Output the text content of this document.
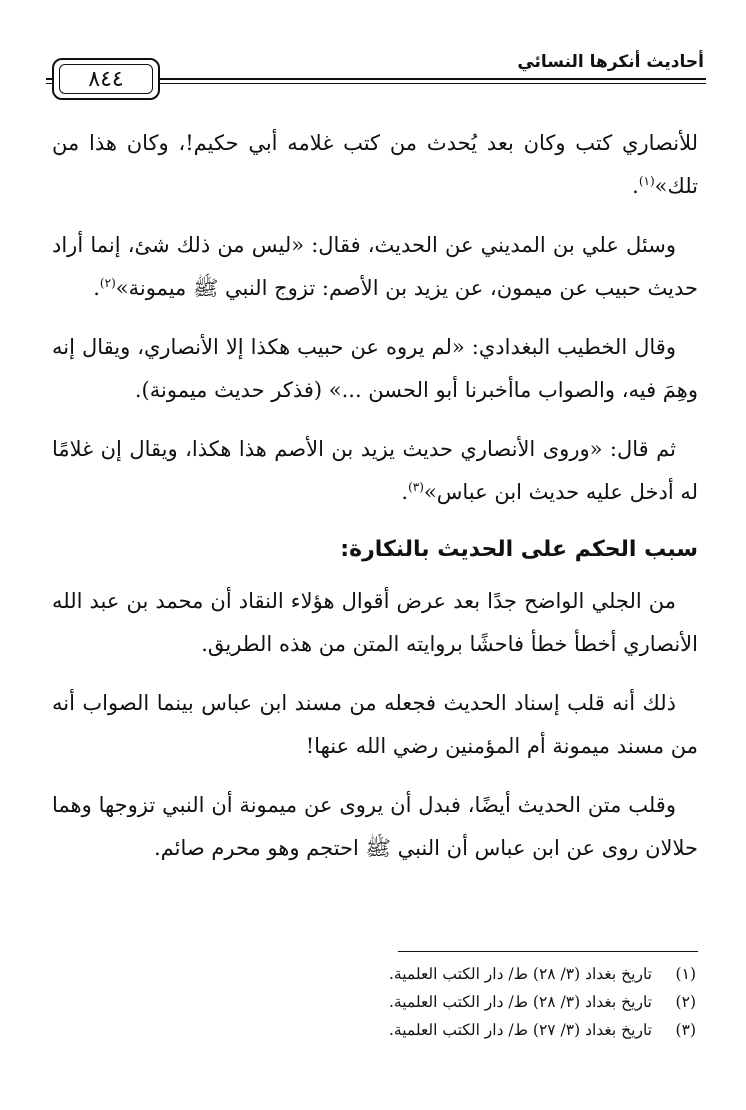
أحاديث أنكرها النسائي
٨٤٤

للأنصاري كتب وكان بعد يُحدث من كتب غلامه أبي حكيم!، وكان هذا من تلك»$^{(١)}$.

وسئل علي بن المديني عن الحديث، فقال: «ليس من ذلك شئ، إنما أراد حديث حبيب عن ميمون، عن يزيد بن الأصم: تزوج النبي ﷺ ميمونة»$^{(٢)}$.

وقال الخطيب البغدادي: «لم يروه عن حبيب هكذا إلا الأنصاري، ويقال إنه وهِمَ فيه، والصواب ماأخبرنا أبو الحسن ...» (فذكر حديث ميمونة).

ثم قال: «وروى الأنصاري حديث يزيد بن الأصم هذا هكذا، ويقال إن غلامًا له أدخل عليه حديث ابن عباس»$^{(٣)}$.

سبب الحكم على الحديث بالنكارة:

من الجلي الواضح جدًا بعد عرض أقوال هؤلاء النقاد أن محمد بن عبد الله الأنصاري أخطأ خطأ فاحشًا بروايته المتن من هذه الطريق.

ذلك أنه قلب إسناد الحديث فجعله من مسند ابن عباس بينما الصواب أنه من مسند ميمونة أم المؤمنين رضي الله عنها!

وقلب متن الحديث أيضًا، فبدل أن يروى عن ميمونة أن النبي تزوجها وهما حلالان روى عن ابن عباس أن النبي ﷺ احتجم وهو محرم صائم.

(١)
تاريخ بغداد (٣/ ٢٨) ط/ دار الكتب العلمية.
(٢)
تاريخ بغداد (٣/ ٢٨) ط/ دار الكتب العلمية.
(٣)
تاريخ بغداد (٣/ ٢٧) ط/ دار الكتب العلمية.
